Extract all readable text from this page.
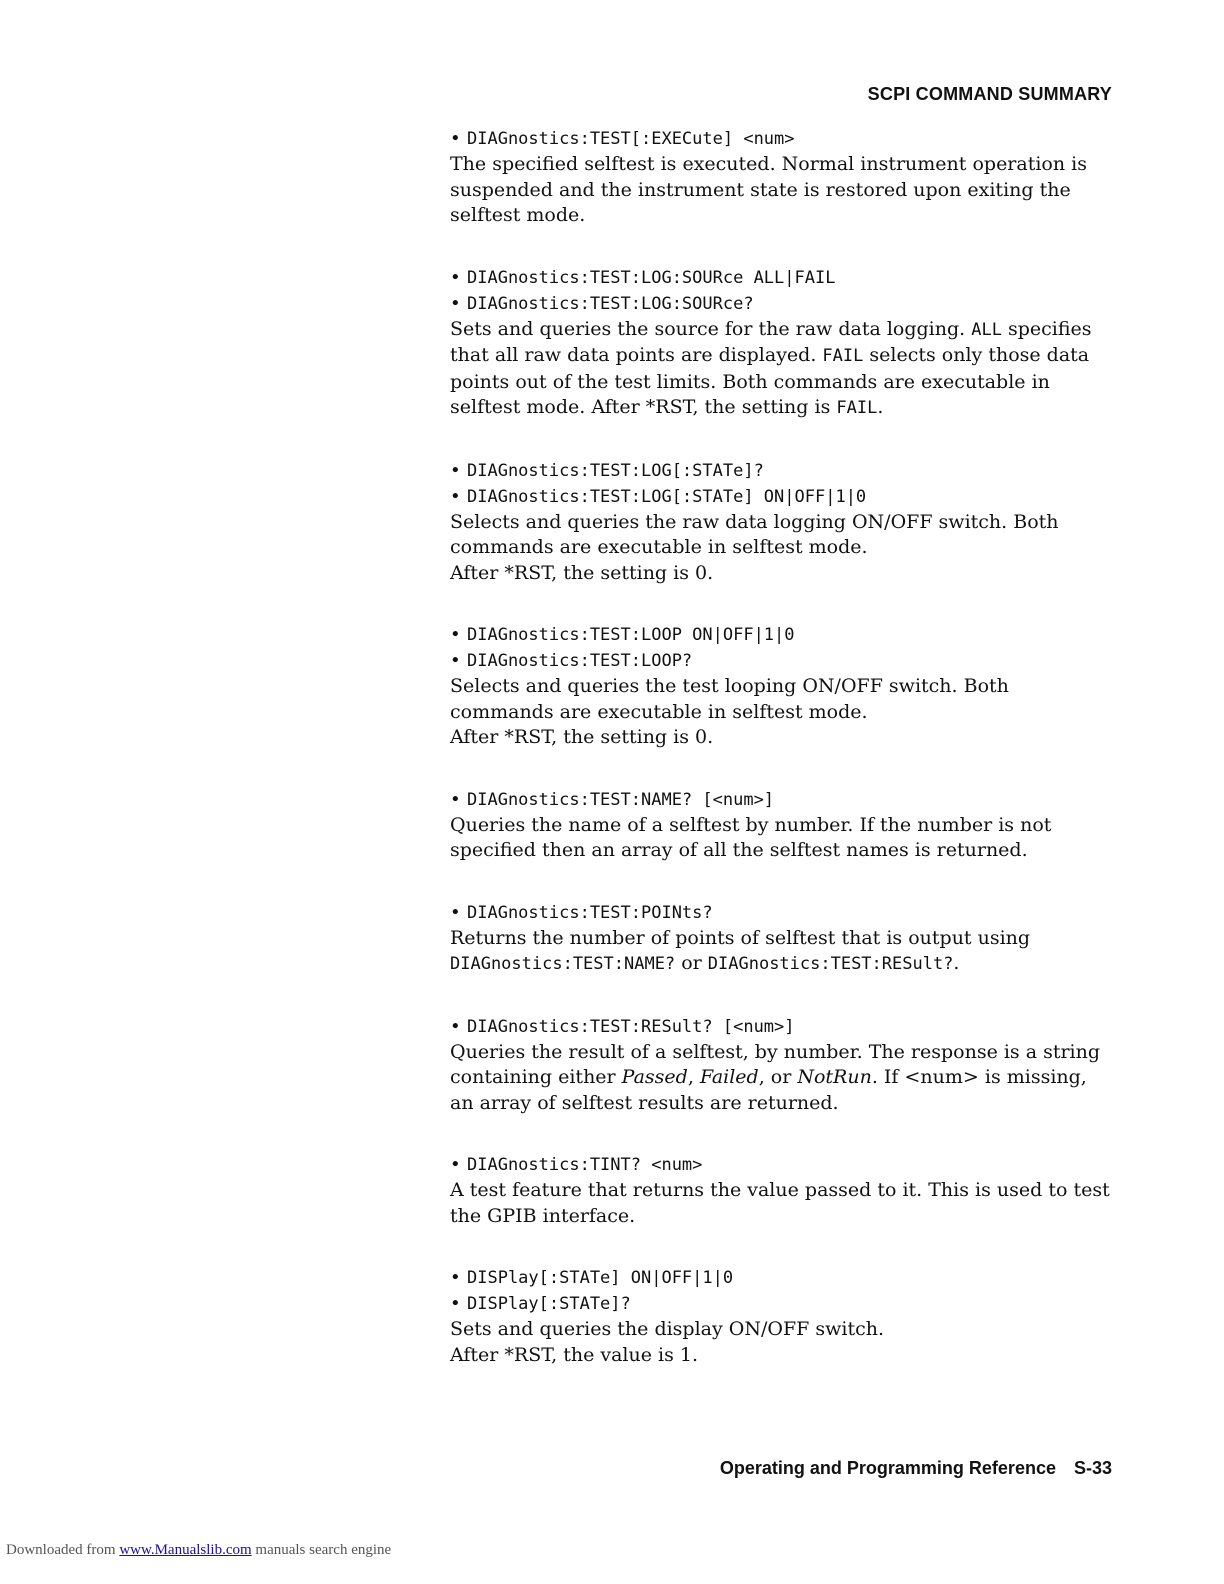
SCPI COMMAND SUMMARY
• DIAGnostics:TEST[:EXECute] <num>
The specified selftest is executed. Normal instrument operation is
suspended and the instrument state is restored upon exiting the
selftest mode.
• DIAGnostics:TEST:LOG:SOURce ALL|FAIL
• DIAGnostics:TEST:LOG:SOURce?
Sets and queries the source for the raw data logging. ALL specifies
that all raw data points are displayed. FAIL selects only those data
points out of the test limits. Both commands are executable in
selftest mode. After *RST, the setting is FAIL.
• DIAGnostics:TEST:LOG[:STATe]?
• DIAGnostics:TEST:LOG[:STATe] ON|OFF|1|0
Selects and queries the raw data logging ON/OFF switch. Both
commands are executable in selftest mode.
After *RST, the setting is 0.
• DIAGnostics:TEST:LOOP ON|OFF|1|0
• DIAGnostics:TEST:LOOP?
Selects and queries the test looping ON/OFF switch. Both
commands are executable in selftest mode.
After *RST, the setting is 0.
• DIAGnostics:TEST:NAME? [<num>]
Queries the name of a selftest by number. If the number is not
specified then an array of all the selftest names is returned.
• DIAGnostics:TEST:POINts?
Returns the number of points of selftest that is output using
DIAGnostics:TEST:NAME? or DIAGnostics:TEST:RESult?.
• DIAGnostics:TEST:RESult? [<num>]
Queries the result of a selftest, by number. The response is a string
containing either Passed, Failed, or NotRun. If <num> is missing,
an array of selftest results are returned.
• DIAGnostics:TINT? <num>
A test feature that returns the value passed to it. This is used to test
the GPIB interface.
• DISPlay[:STATe] ON|OFF|1|0
• DISPlay[:STATe]?
Sets and queries the display ON/OFF switch.
After *RST, the value is 1.
Operating and Programming Reference S-33
Downloaded from www.Manualslib.com manuals search engine
